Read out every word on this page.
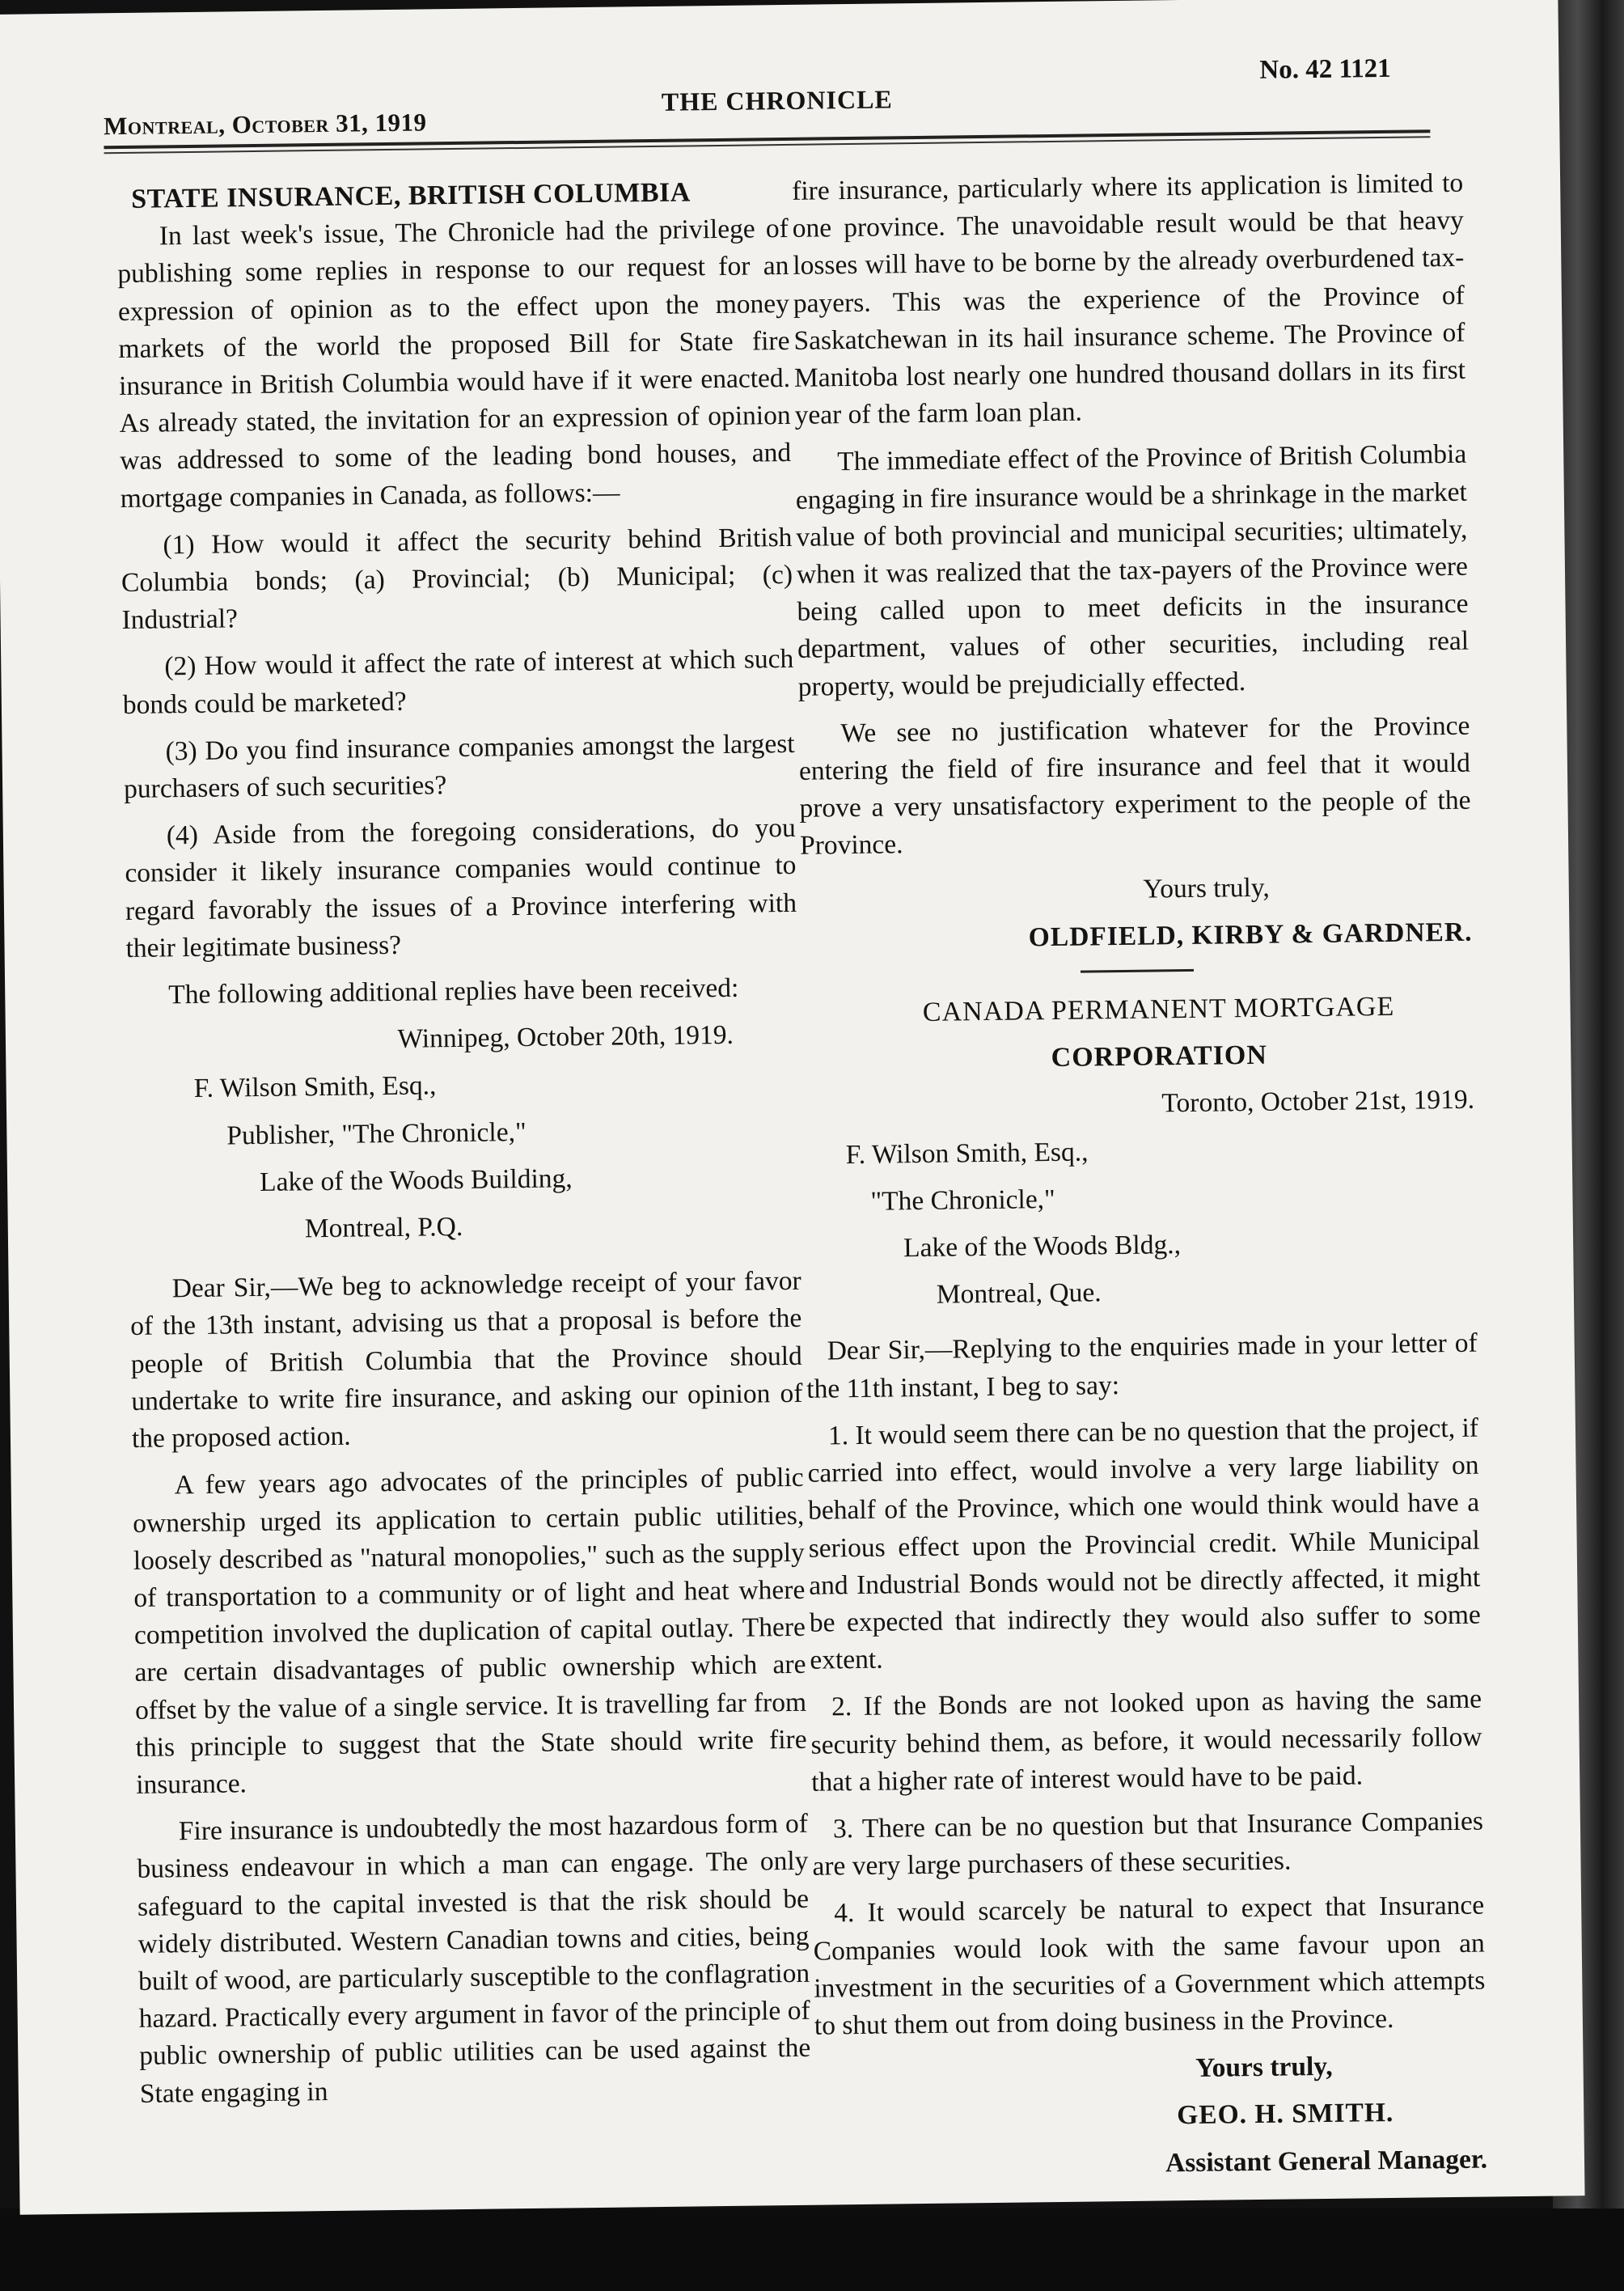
Montreal, October 31, 1919
THE CHRONICLE
No. 42 1121
STATE INSURANCE, BRITISH COLUMBIA

In last week's issue, The Chronicle had the privilege of publishing some replies in response to our request for an expression of opinion as to the effect upon the money markets of the world the proposed Bill for State fire insurance in British Columbia would have if it were enacted. As already stated, the invitation for an expression of opinion was addressed to some of the leading bond houses, and mortgage companies in Canada, as follows:—

(1) How would it affect the security behind British Columbia bonds; (a) Provincial; (b) Municipal; (c) Industrial?

(2) How would it affect the rate of interest at which such bonds could be marketed?

(3) Do you find insurance companies amongst the largest purchasers of such securities?

(4) Aside from the foregoing considerations, do you consider it likely insurance companies would continue to regard favorably the issues of a Province interfering with their legitimate business?

The following additional replies have been received:

Winnipeg, October 20th, 1919.

F. Wilson Smith, Esq.,

Publisher, "The Chronicle,"

Lake of the Woods Building,

Montreal, P.Q.

Dear Sir,—We beg to acknowledge receipt of your favor of the 13th instant, advising us that a proposal is before the people of British Columbia that the Province should undertake to write fire insurance, and asking our opinion of the proposed action.

A few years ago advocates of the principles of public ownership urged its application to certain public utilities, loosely described as "natural monopolies," such as the supply of transportation to a community or of light and heat where competition involved the duplication of capital outlay. There are certain disadvantages of public ownership which are offset by the value of a single service. It is travelling far from this principle to suggest that the State should write fire insurance.

Fire insurance is undoubtedly the most hazardous form of business endeavour in which a man can engage. The only safeguard to the capital invested is that the risk should be widely distributed. Western Canadian towns and cities, being built of wood, are particularly susceptible to the conflagration hazard. Practically every argument in favor of the principle of public ownership of public utilities can be used against the State engaging in

fire insurance, particularly where its application is limited to one province. The unavoidable result would be that heavy losses will have to be borne by the already overburdened tax-payers. This was the experience of the Province of Saskatchewan in its hail insurance scheme. The Province of Manitoba lost nearly one hundred thousand dollars in its first year of the farm loan plan.

The immediate effect of the Province of British Columbia engaging in fire insurance would be a shrinkage in the market value of both provincial and municipal securities; ultimately, when it was realized that the tax-payers of the Province were being called upon to meet deficits in the insurance department, values of other securities, including real property, would be prejudicially effected.

We see no justification whatever for the Province entering the field of fire insurance and feel that it would prove a very unsatisfactory experiment to the people of the Province.

Yours truly,

OLDFIELD, KIRBY & GARDNER.

CANADA PERMANENT MORTGAGE

CORPORATION

Toronto, October 21st, 1919.

F. Wilson Smith, Esq.,

"The Chronicle,"

Lake of the Woods Bldg.,

Montreal, Que.

Dear Sir,—Replying to the enquiries made in your letter of the 11th instant, I beg to say:

1. It would seem there can be no question that the project, if carried into effect, would involve a very large liability on behalf of the Province, which one would think would have a serious effect upon the Provincial credit. While Municipal and Industrial Bonds would not be directly affected, it might be expected that indirectly they would also suffer to some extent.

2. If the Bonds are not looked upon as having the same security behind them, as before, it would necessarily follow that a higher rate of interest would have to be paid.

3. There can be no question but that Insurance Companies are very large purchasers of these securities.

4. It would scarcely be natural to expect that Insurance Companies would look with the same favour upon an investment in the securities of a Government which attempts to shut them out from doing business in the Province.

Yours truly,

GEO. H. SMITH.

Assistant General Manager.
